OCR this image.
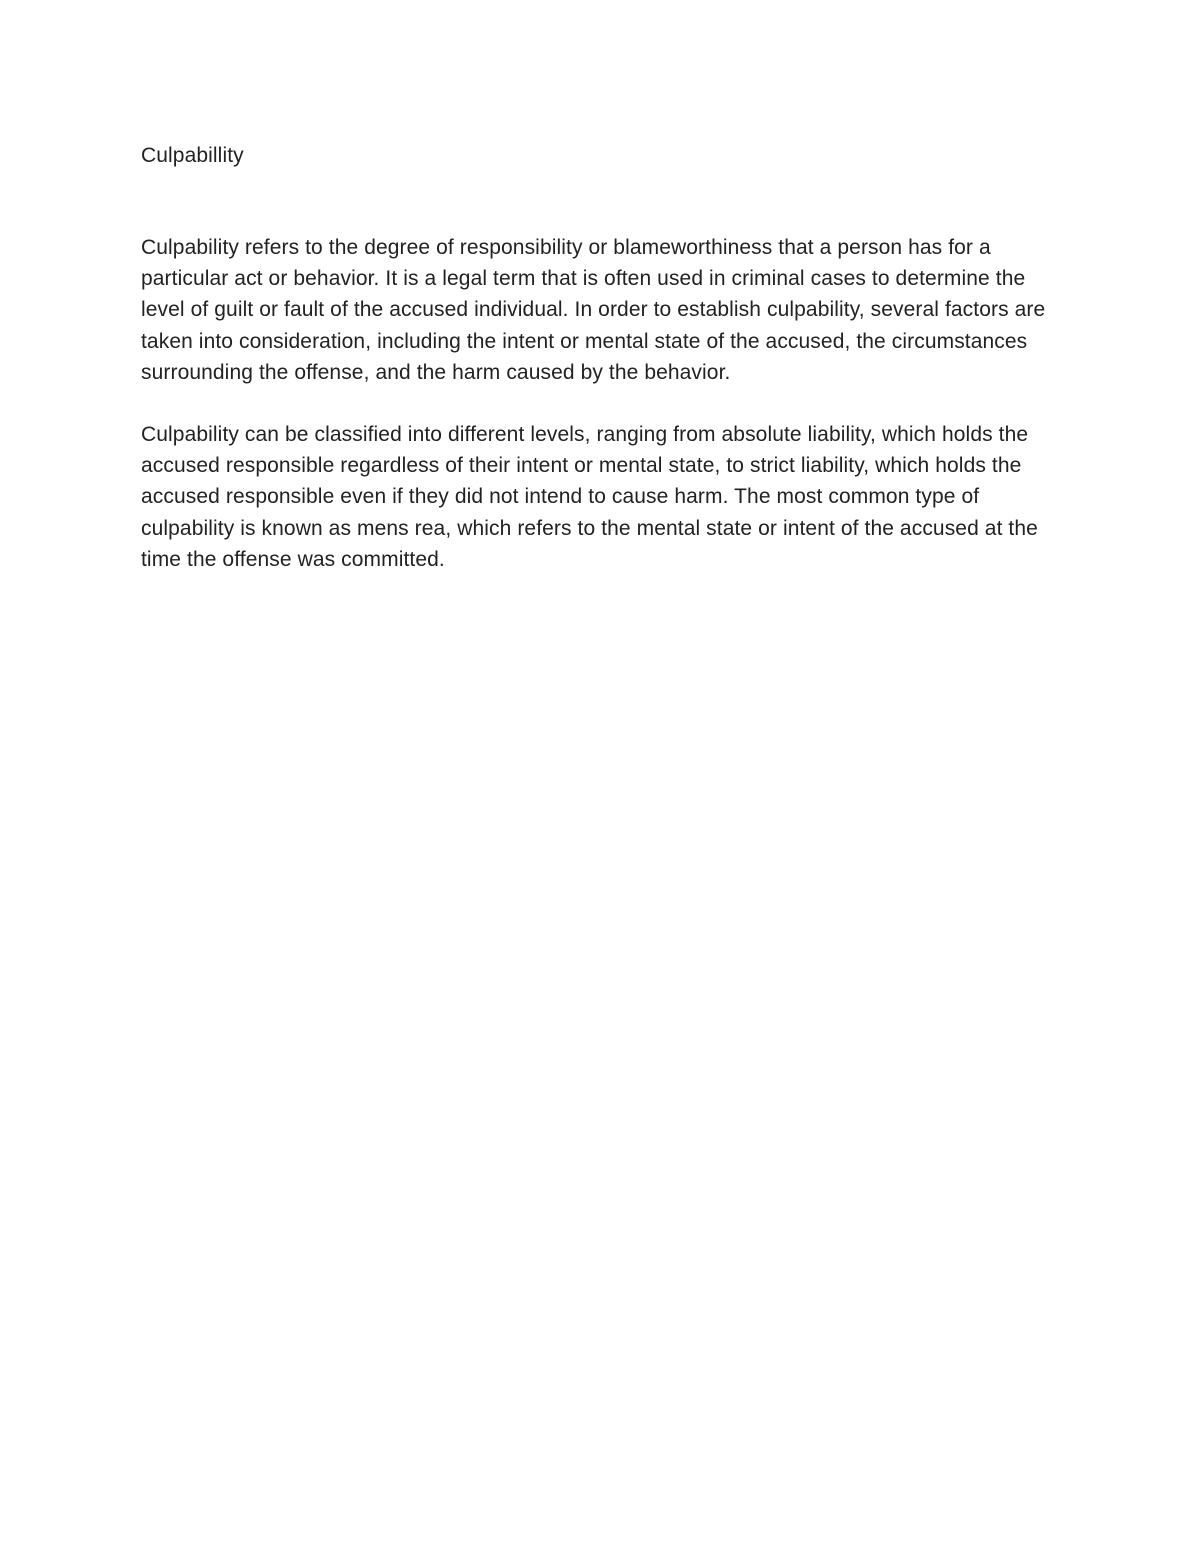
Culpabillity

Culpability refers to the degree of responsibility or blameworthiness that a person has for a particular act or behavior. It is a legal term that is often used in criminal cases to determine the level of guilt or fault of the accused individual. In order to establish culpability, several factors are taken into consideration, including the intent or mental state of the accused, the circumstances surrounding the offense, and the harm caused by the behavior.

Culpability can be classified into different levels, ranging from absolute liability, which holds the accused responsible regardless of their intent or mental state, to strict liability, which holds the accused responsible even if they did not intend to cause harm. The most common type of culpability is known as mens rea, which refers to the mental state or intent of the accused at the time the offense was committed.
